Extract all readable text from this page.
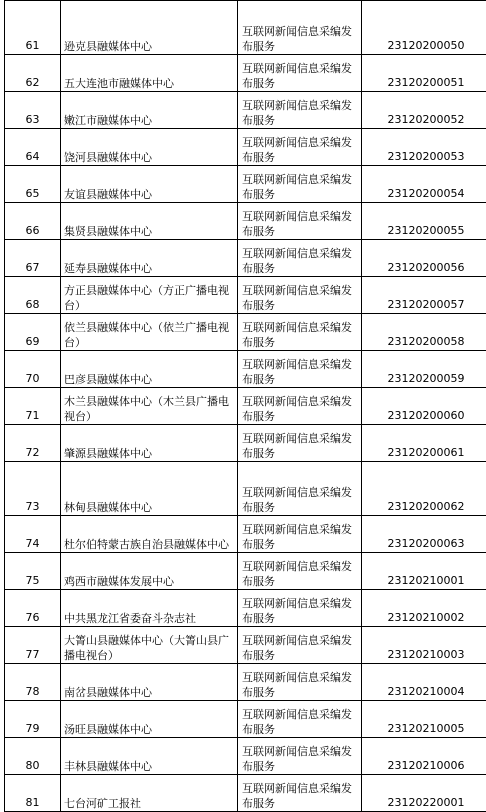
61	逊克县融媒体中心	互联网新闻信息采编发布服务	23120200050
62	五大连池市融媒体中心	互联网新闻信息采编发布服务	23120200051
63	嫩江市融媒体中心	互联网新闻信息采编发布服务	23120200052
64	饶河县融媒体中心	互联网新闻信息采编发布服务	23120200053
65	友谊县融媒体中心	互联网新闻信息采编发布服务	23120200054
66	集贤县融媒体中心	互联网新闻信息采编发布服务	23120200055
67	延寿县融媒体中心	互联网新闻信息采编发布服务	23120200056
68	方正县融媒体中心（方正广播电视台）	互联网新闻信息采编发布服务	23120200057
69	依兰县融媒体中心（依兰广播电视台）	互联网新闻信息采编发布服务	23120200058
70	巴彦县融媒体中心	互联网新闻信息采编发布服务	23120200059
71	木兰县融媒体中心（木兰县广播电视台）	互联网新闻信息采编发布服务	23120200060
72	肇源县融媒体中心	互联网新闻信息采编发布服务	23120200061
73	林甸县融媒体中心	互联网新闻信息采编发布服务	23120200062
74	杜尔伯特蒙古族自治县融媒体中心	互联网新闻信息采编发布服务	23120200063
75	鸡西市融媒体发展中心	互联网新闻信息采编发布服务	23120210001
76	中共黑龙江省委奋斗杂志社	互联网新闻信息采编发布服务	23120210002
77	大箐山县融媒体中心（大箐山县广播电视台）	互联网新闻信息采编发布服务	23120210003
78	南岔县融媒体中心	互联网新闻信息采编发布服务	23120210004
79	汤旺县融媒体中心	互联网新闻信息采编发布服务	23120210005
80	丰林县融媒体中心	互联网新闻信息采编发布服务	23120210006
81	七台河矿工报社	互联网新闻信息采编发布服务	23120220001
